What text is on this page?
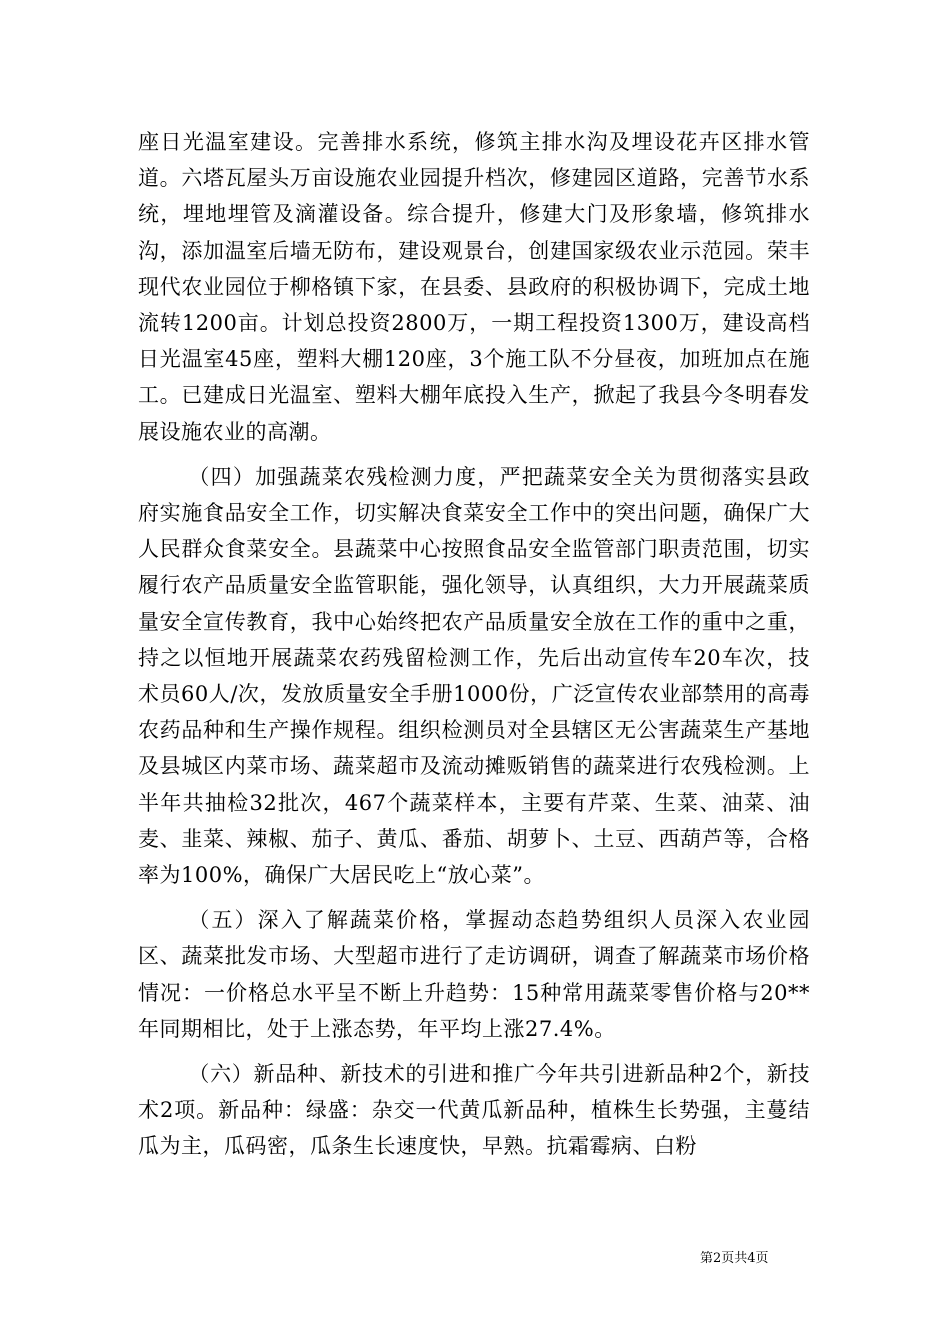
座日光温室建设。完善排水系统，修筑主排水沟及埋设花卉区排水管道。六塔瓦屋头万亩设施农业园提升档次，修建园区道路，完善节水系统，埋地埋管及滴灌设备。综合提升，修建大门及形象墙，修筑排水沟，添加温室后墙无防布，建设观景台，创建国家级农业示范园。荣丰现代农业园位于柳格镇下家，在县委、县政府的积极协调下，完成土地流转1200亩。计划总投资2800万，一期工程投资1300万，建设高档日光温室45座，塑料大棚120座，3个施工队不分昼夜，加班加点在施工。已建成日光温室、塑料大棚年底投入生产，掀起了我县今冬明春发展设施农业的高潮。

（四）加强蔬菜农残检测力度，严把蔬菜安全关为贯彻落实县政府实施食品安全工作，切实解决食菜安全工作中的突出问题，确保广大人民群众食菜安全。县蔬菜中心按照食品安全监管部门职责范围，切实履行农产品质量安全监管职能，强化领导，认真组织，大力开展蔬菜质量安全宣传教育，我中心始终把农产品质量安全放在工作的重中之重，持之以恒地开展蔬菜农药残留检测工作，先后出动宣传车20车次，技术员60人/次，发放质量安全手册1000份，广泛宣传农业部禁用的高毒农药品种和生产操作规程。组织检测员对全县辖区无公害蔬菜生产基地及县城区内菜市场、蔬菜超市及流动摊贩销售的蔬菜进行农残检测。上半年共抽检32批次，467个蔬菜样本，主要有芹菜、生菜、油菜、油麦、韭菜、辣椒、茄子、黄瓜、番茄、胡萝卜、土豆、西葫芦等，合格率为100%，确保广大居民吃上“放心菜”。

（五）深入了解蔬菜价格，掌握动态趋势组织人员深入农业园区、蔬菜批发市场、大型超市进行了走访调研，调查了解蔬菜市场价格情况：一价格总水平呈不断上升趋势：15种常用蔬菜零售价格与20**年同期相比，处于上涨态势，年平均上涨27.4%。

（六）新品种、新技术的引进和推广今年共引进新品种2个，新技术2项。新品种：绿盛：杂交一代黄瓜新品种，植株生长势强，主蔓结瓜为主，瓜码密，瓜条生长速度快，早熟。抗霜霉病、白粉

第2页共4页
